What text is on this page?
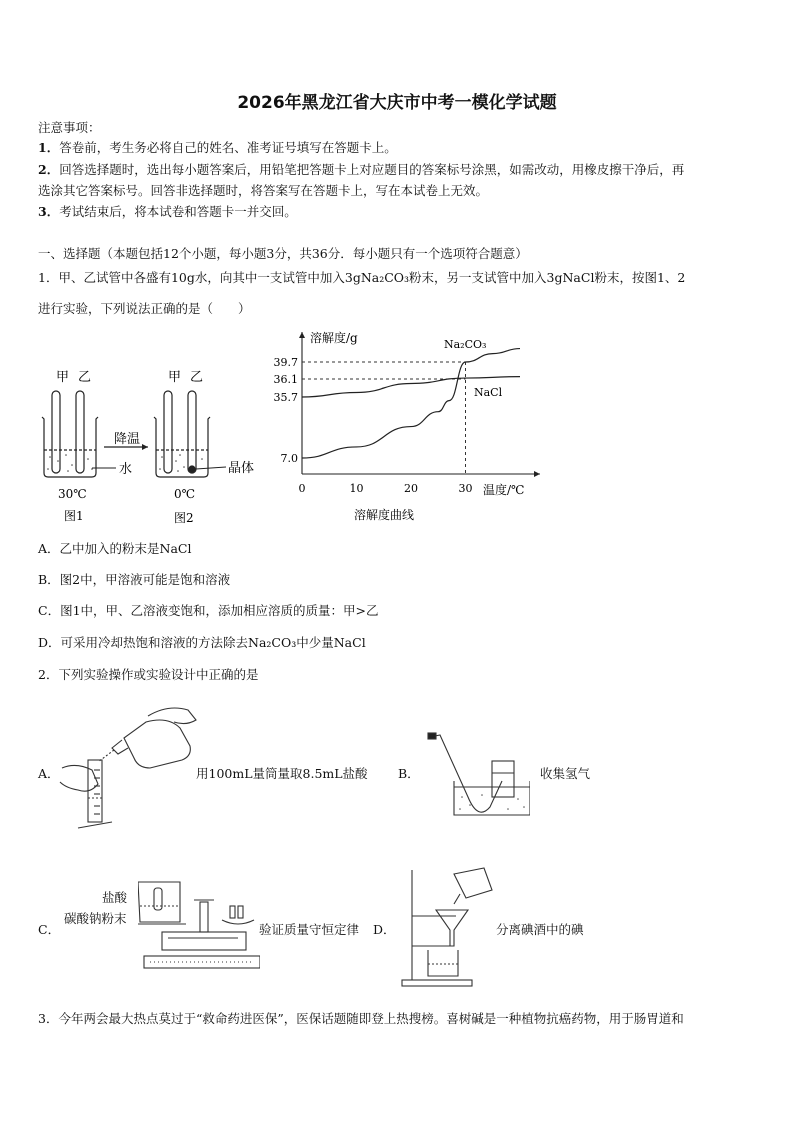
2026年黑龙江省大庆市中考一模化学试题
注意事项：
1．答卷前，考生务必将自己的姓名、准考证号填写在答题卡上。
2．回答选择题时，选出每小题答案后，用铅笔把答题卡上对应题目的答案标号涂黑，如需改动，用橡皮擦干净后，再
选涂其它答案标号。回答非选择题时，将答案写在答题卡上，写在本试卷上无效。
3．考试结束后，将本试卷和答题卡一并交回。
一、选择题（本题包括12个小题，每小题3分，共36分．每小题只有一个选项符合题意）
1．甲、乙试管中各盛有10g水，向其中一支试管中加入3gNa₂CO₃粉末，另一支试管中加入3gNaCl粉末，按图1、2
进行实验，下列说法正确的是（　　）
甲 乙	甲 乙
降温
水	晶体
30℃	0℃
图1	图2
Na₂CO₃
NaCl
7.0
35.7
36.1
39.7
0	10	20	30
溶解度/g
温度/℃
溶解度曲线
A．乙中加入的粉末是NaCl
B．图2中，甲溶液可能是饱和溶液
C．图1中，甲、乙溶液变饱和，添加相应溶质的质量：甲>乙
D．可采用冷却热饱和溶液的方法除去Na₂CO₃中少量NaCl
2．下列实验操作或实验设计中正确的是
A．	用100mL量筒量取8.5mL盐酸 B．	收集氢气
C．
盐酸
碳酸钠粉末
验证质量守恒定律 D．	分离碘酒中的碘
3．今年两会最大热点莫过于“救命药进医保”，医保话题随即登上热搜榜。喜树碱是一种植物抗癌药物，用于肠胃道和
